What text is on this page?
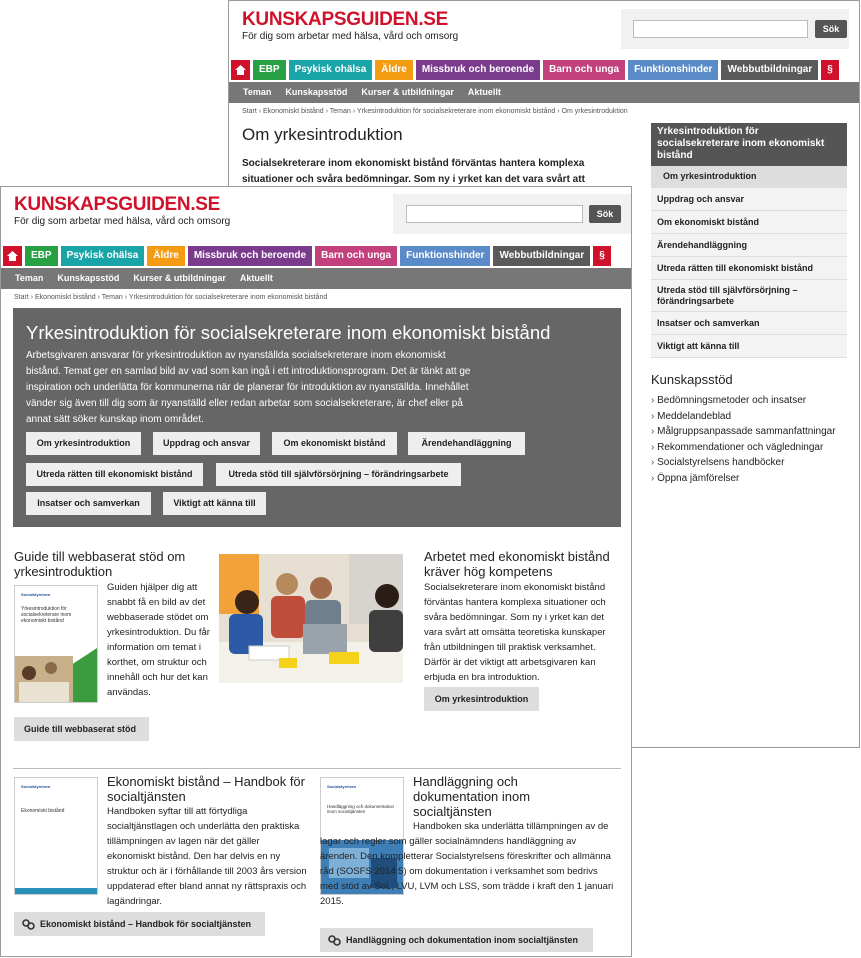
KUNSKAPSGUIDEN.SE
För dig som arbetar med hälsa, vård och omsorg
Sök
EBP	Psykisk ohälsa	Äldre	Missbruk och beroende	Barn och unga	Funktionshinder	Webbutbildningar	§
Teman Kunskapsstöd Kurser & utbildningar Aktuellt
Start › Ekonomiskt bistånd › Teman › Yrkesintroduktion för socialsekreterare inom ekonomiskt bistånd › Om yrkesintroduktion
Om yrkesintroduktion
Socialsekreterare inom ekonomiskt bistånd förväntas hantera komplexa situationer och svåra bedömningar. Som ny i yrket kan det vara svårt att
Yrkesintroduktion för socialsekreterare inom ekonomiskt bistånd
Om yrkesintroduktion
Uppdrag och ansvar
Om ekonomiskt bistånd
Ärendehandläggning
Utreda rätten till ekonomiskt bistånd
Utreda stöd till självförsörjning – förändringsarbete
Insatser och samverkan
Viktigt att känna till
Kunskapsstöd
› Bedömningsmetoder och insatser
› Meddelandeblad
› Målgruppsanpassade sammanfattningar
› Rekommendationer och vägledningar
› Socialstyrelsens handböcker
› Öppna jämförelser
KUNSKAPSGUIDEN.SE
För dig som arbetar med hälsa, vård och omsorg
Sök
EBP	Psykisk ohälsa	Äldre	Missbruk och beroende	Barn och unga	Funktionshinder	Webbutbildningar	§
Teman Kunskapsstöd Kurser & utbildningar Aktuellt
Start › Ekonomiskt bistånd › Teman › Yrkesintroduktion för socialsekreterare inom ekonomiskt bistånd
Yrkesintroduktion för socialsekreterare inom ekonomiskt bistånd

Arbetsgivaren ansvarar för yrkesintroduktion av nyanställda socialsekreterare inom ekonomiskt bistånd. Temat ger en samlad bild av vad som kan ingå i ett introduktionsprogram. Det är tänkt att ge inspiration och underlätta för kommunerna när de planerar för introduktion av nyanställda. Innehållet vänder sig även till dig som är nyanställd eller redan arbetar som socialsekreterare, är chef eller på annat sätt söker kunskap inom området.

Om yrkesintroduktion	Uppdrag och ansvar	Om ekonomiskt bistånd	Ärendehandläggning
Utreda rätten till ekonomiskt bistånd	Utreda stöd till självförsörjning – förändringsarbete
Insatser och samverkan	Viktigt att känna till
Guide till webbaserat stöd om yrkesintroduktion
Socialstyrelsen
Yrkesintroduktion för socialsekreterare inom ekonomiskt bistånd
Guiden hjälper dig att snabbt få en bild av det webbaserade stödet om yrkesintroduktion. Du får information om temat i korthet, om struktur och innehåll och hur det kan användas.
Guide till webbaserat stöd
Arbetet med ekonomiskt bistånd kräver hög kompetens
Socialsekreterare inom ekonomiskt bistånd förväntas hantera komplexa situationer och svåra bedömningar. Som ny i yrket kan det vara svårt att omsätta teoretiska kunskaper från utbildningen till praktisk verksamhet. Därför är det viktigt att arbetsgivaren kan erbjuda en bra introduktion.
Om yrkesintroduktion
Socialstyrelsen
Ekonomiskt bistånd
Ekonomiskt bistånd – Handbok för socialtjänsten
Handboken syftar till att förtydliga socialtjänstlagen och underlätta den praktiska tillämpningen av lagen när det gäller ekonomiskt bistånd. Den har delvis en ny struktur och är i förhållande till 2003 års version uppdaterad efter bland annat ny rättspraxis och lagändringar.
Ekonomiskt bistånd – Handbok för socialtjänsten
Socialstyrelsen
Handläggning och dokumentation inom socialtjänsten
Handläggning och dokumentation inom socialtjänsten
Handboken ska underlätta tillämpningen av de lagar och regler som gäller socialnämndens handläggning av ärenden. Den kompletterar Socialstyrelsens föreskrifter och allmänna råd (SOSFS 2014:5) om dokumentation i verksamhet som bedrivs med stöd av SoL, LVU, LVM och LSS, som trädde i kraft den 1 januari 2015.
Handläggning och dokumentation inom socialtjänsten
